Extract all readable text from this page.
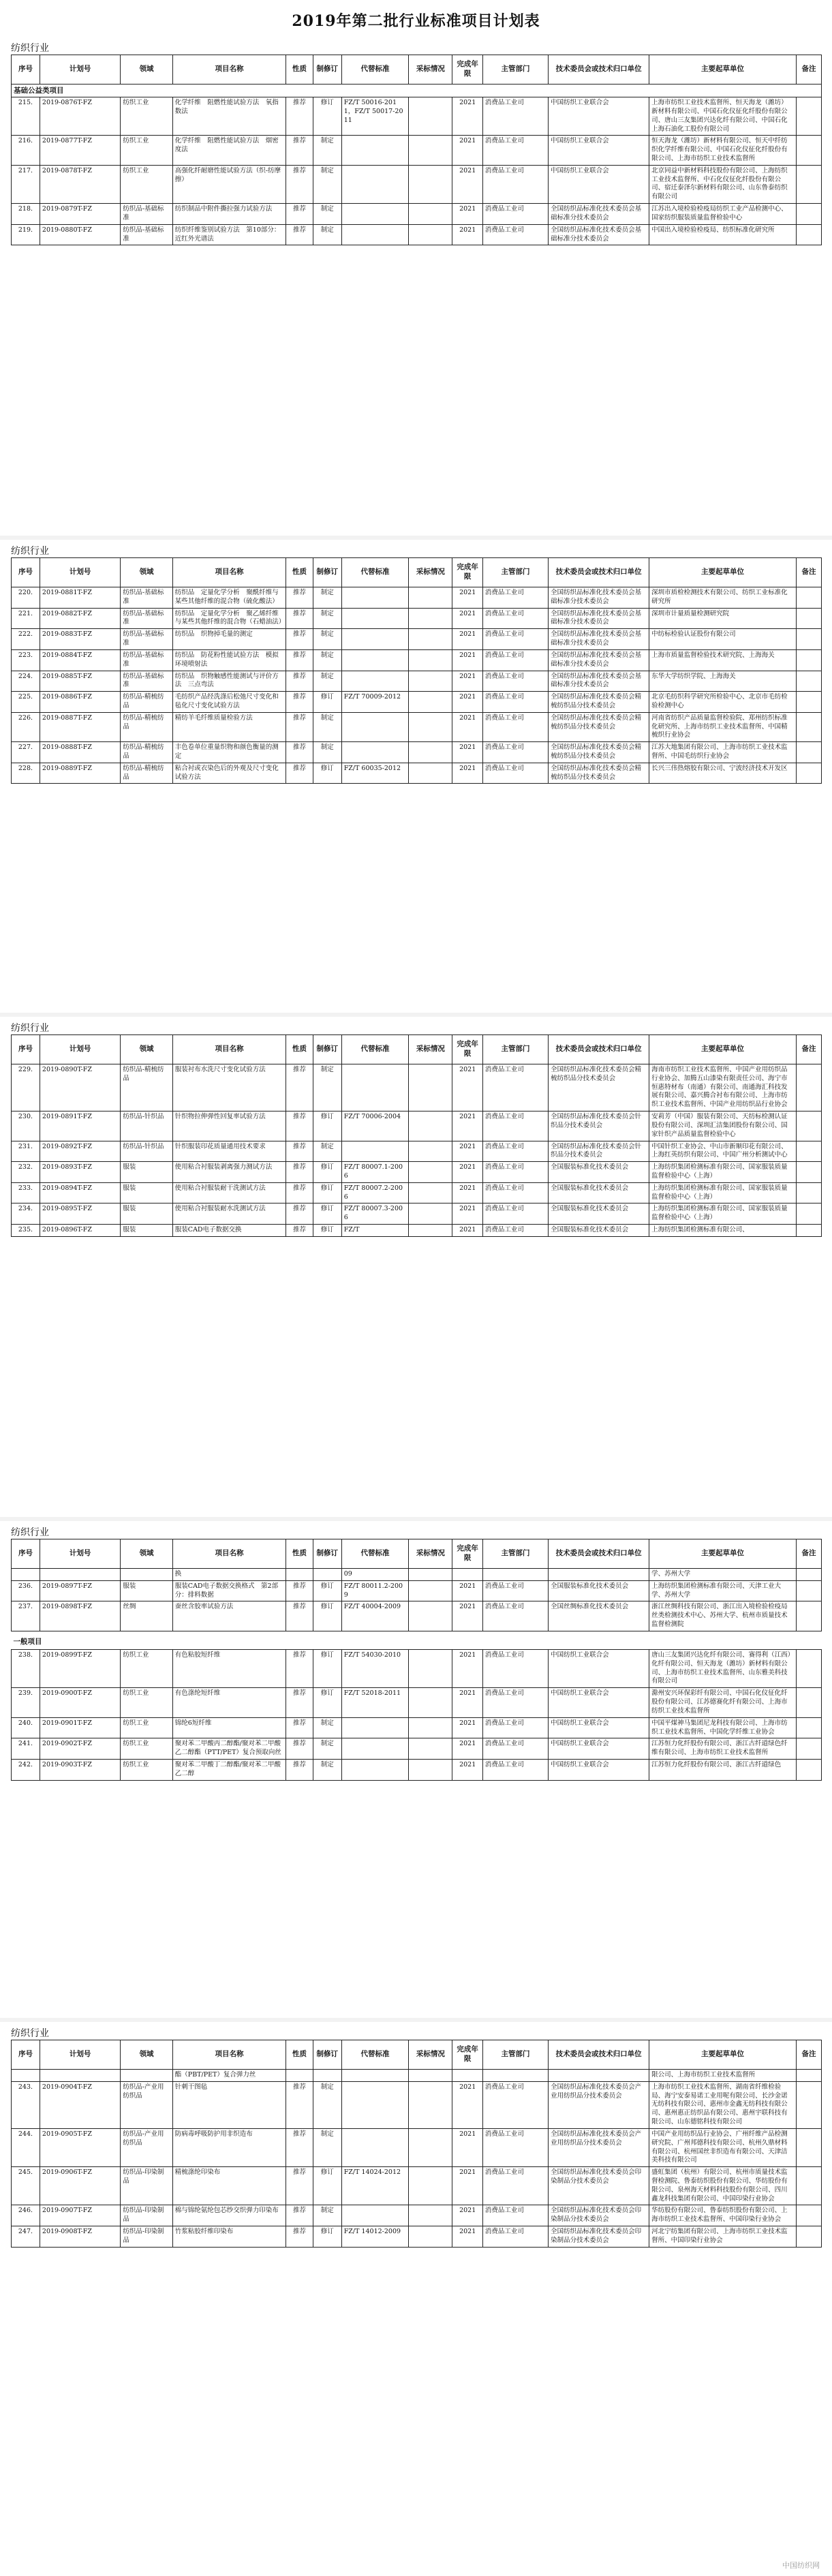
2019年第二批行业标准项目计划表
序号	计划号	领域	项目名称	性质	制修订	代替标准	采标情况	完成年限	主管部门	技术委员会或技术归口单位	主要起草单位	备注
基础公益类项目												
215.	2019-0876T-FZ	纺织工业	化学纤维　阻燃性能试验方法　氧指数法	推荐	修订	FZ/T 50016-2011，FZ/T 50017-2011		2021	消费品工业司	中国纺织工业联合会	上海市纺织工业技术监督所、恒天海龙（潍坊）新材料有限公司、中国石化仪征化纤股份有限公司、唐山三友集团兴达化纤有限公司、中国石化上海石油化工股份有限公司	
216.	2019-0877T-FZ	纺织工业	化学纤维　阻燃性能试验方法　烟密度法	推荐	制定			2021	消费品工业司	中国纺织工业联合会	恒天海龙（潍坊）新材料有限公司、恒天中纤纺织化学纤维有限公司、中国石化仪征化纤股份有限公司、上海市纺织工业技术监督所	
217.	2019-0878T-FZ	纺织工业	高强化纤耐磨性能试验方法（织-纺摩擦）	推荐	制定			2021	消费品工业司	中国纺织工业联合会	北京同益中新材料科技股份有限公司、上海纺织工业技术监督所、中石化仪征化纤股份有限公司、宿迁泰泽尔新材料有限公司、山东鲁泰纺织有限公司	
218.	2019-0879T-FZ	纺织品-基础标准	纺织制品中附件撕拉强力试验方法	推荐	制定			2021	消费品工业司	全国纺织品标准化技术委员会基础标准分技术委员会	江苏出入境检验检疫局纺织工业产品检测中心、国家纺织服装质量监督检验中心	
219.	2019-0880T-FZ	纺织品-基础标准	纺织纤维鉴别试验方法　第10部分：近红外光谱法	推荐	制定			2021	消费品工业司	全国纺织品标准化技术委员会基础标准分技术委员会	中国出入境检验检疫局、纺织标准化研究所	
序号	计划号	领域	项目名称	性质	制修订	代替标准	采标情况	完成年限	主管部门	技术委员会或技术归口单位	主要起草单位	备注
220.	2019-0881T-FZ	纺织品-基础标准	纺织品　定量化学分析　聚酰纤维与某些其他纤维的混合物（硫化酸法）	推荐	制定			2021	消费品工业司	全国纺织品标准化技术委员会基础标准分技术委员会	深圳市质检检测技术有限公司、纺织工业标准化研究所	
221.	2019-0882T-FZ	纺织品-基础标准	纺织品　定量化学分析　聚乙烯纤维与某些其他纤维的混合物（石蜡油法）	推荐	制定			2021	消费品工业司	全国纺织品标准化技术委员会基础标准分技术委员会	深圳市计量质量检测研究院	
222.	2019-0883T-FZ	纺织品-基础标准	纺织品　织物掉毛量的测定	推荐	制定			2021	消费品工业司	全国纺织品标准化技术委员会基础标准分技术委员会	中纺标检验认证股份有限公司	
223.	2019-0884T-FZ	纺织品-基础标准	纺织品　防花粉性能试验方法　模拟环境喷射法	推荐	制定			2021	消费品工业司	全国纺织品标准化技术委员会基础标准分技术委员会	上海市质量监督检验技术研究院、上海海关	
224.	2019-0885T-FZ	纺织品-基础标准	纺织品　织物触感性能测试与评价方法　三点弯法	推荐	制定			2021	消费品工业司	全国纺织品标准化技术委员会基础标准分技术委员会	东华大学纺织学院、上海海关	
225.	2019-0886T-FZ	纺织品-精梳纺品	毛纺织产品经洗涤后松弛尺寸变化和毡化尺寸变化试验方法	推荐	修订	FZ/T 70009-2012		2021	消费品工业司	全国纺织品标准化技术委员会精梳纺织品分技术委员会	北京毛纺织科学研究所检验中心、北京市毛纺检验检测中心	
226.	2019-0887T-FZ	纺织品-精梳纺品	精纺羊毛纤维质量检验方法	推荐	制定			2021	消费品工业司	全国纺织品标准化技术委员会精梳纺织品分技术委员会	河南省纺织产品质量监督检验院、郑州纺织标准化研究所、上海市纺织工业技术监督所、中国精梳织行业协会	
227.	2019-0888T-FZ	纺织品-精梳纺品	丰色卷单位重量织物和颜色衡量的测定	推荐	制定			2021	消费品工业司	全国纺织品标准化技术委员会精梳纺织品分技术委员会	江苏大地集团有限公司、上海市纺织工业技术监督所、中国毛纺织行业协会	
228.	2019-0889T-FZ	纺织品-精梳纺品	粘合衬或衣染色后的外观及尺寸变化试验方法	推荐	修订	FZ/T 60035-2012		2021	消费品工业司	全国纺织品标准化技术委员会精梳纺织品分技术委员会	长兴三伟热熔胶有限公司、宁波经济技术开发区	
序号	计划号	领域	项目名称	性质	制修订	代替标准	采标情况	完成年限	主管部门	技术委员会或技术归口单位	主要起草单位	备注
229.	2019-0890T-FZ	纺织品-精梳纺品	服装衬布水洗尺寸变化试验方法	推荐	制定			2021	消费品工业司	全国纺织品标准化技术委员会精梳纺织品分技术委员会	海南市纺织工业技术监督所、中国产业用纺织品行业协会、加腾五山漆染有限责任公司、海宁市恒惠特材布（南通）有限公司、南通海汇科技发展有限公司、嘉兴腾合衬布有限公司、上海市纺织工业技术监督所、中国产业用纺织品行业协会	
230.	2019-0891T-FZ	纺织品-针织品	针织物拉伸弹性回复率试验方法	推荐	修订	FZ/T 70006-2004		2021	消费品工业司	全国纺织品标准化技术委员会针织品分技术委员会	安莉芳（中国）服装有限公司、天纺标检测认证股份有限公司、深圳汇洁集团股份有限公司、国家针织产品质量监督检验中心	
231.	2019-0892T-FZ	纺织品-针织品	针织服装印花质量通用技术要求	推荐	制定			2021	消费品工业司	全国纺织品标准化技术委员会针织品分技术委员会	中国针织工业协会、中山市新顺印花有限公司、上海红英纺织有限公司、中国广州分析测试中心	
232.	2019-0893T-FZ	服装	使用粘合衬服装剥离强力测试方法	推荐	修订	FZ/T 80007.1-2006		2021	消费品工业司	全国服装标准化技术委员会	上海纺织集团检测标准有限公司、国家服装质量监督检验中心（上海）	
233.	2019-0894T-FZ	服装	使用粘合衬服装耐干洗测试方法	推荐	修订	FZ/T 80007.2-2006		2021	消费品工业司	全国服装标准化技术委员会	上海纺织集团检测标准有限公司、国家服装质量监督检验中心（上海）	
234.	2019-0895T-FZ	服装	使用粘合衬服装耐水洗测试方法	推荐	修订	FZ/T 80007.3-2006		2021	消费品工业司	全国服装标准化技术委员会	上海纺织集团检测标准有限公司、国家服装质量监督检验中心（上海）	
235.	2019-0896T-FZ	服装	服装CAD电子数据交换	推荐	修订	FZ/T		2021	消费品工业司	全国服装标准化技术委员会	上海纺织集团检测标准有限公司、	
序号	计划号	领域	项目名称	性质	制修订	代替标准	采标情况	完成年限	主管部门	技术委员会或技术归口单位	主要起草单位	备注
			换			09					学、苏州大学	
236.	2019-0897T-FZ	服装	服装CAD电子数据交换格式　第2部分：排料数据	推荐	修订	FZ/T 80011.2-2009		2021	消费品工业司	全国服装标准化技术委员会	上海纺织集团检测标准有限公司、天津工业大学、苏州大学	
237.	2019-0898T-FZ	丝绸	蚕丝含胶率试验方法	推荐	修订	FZ/T 40004-2009		2021	消费品工业司	全国丝绸标准化技术委员会	浙江丝绸科技有限公司、浙江出入境检验检疫局丝类检测技术中心、苏州大学、杭州市质量技术监督检测院	
一般项目												
238.	2019-0899T-FZ	纺织工业	有色粘胶短纤维	推荐	修订	FZ/T 54030-2010		2021	消费品工业司	中国纺织工业联合会	唐山三友集团兴达化纤有限公司、赛得利（江西）化纤有限公司、恒天海龙（潍坊）新材料有限公司、上海市纺织工业技术监督所、山东雅美科技有限公司	
239.	2019-0900T-FZ	纺织工业	有色涤纶短纤维	推荐	修订	FZ/T 52018-2011		2021	消费品工业司	中国纺织工业联合会	滁州安兴环保彩纤有限公司、中国石化仪征化纤股份有限公司、江苏德赛化纤有限公司、上海市纺织工业技术监督所	
240.	2019-0901T-FZ	纺织工业	锦纶6短纤维	推荐	制定			2021	消费品工业司	中国纺织工业联合会	中国平煤神马集团尼龙科技有限公司、上海市纺织工业技术监督所、中国化学纤维工业协会	
241.	2019-0902T-FZ	纺织工业	聚对苯二甲酸丙二醇酯/聚对苯二甲酸乙二醇酯（PTT/PET）复合预取向丝	推荐	制定			2021	消费品工业司	中国纺织工业联合会	江苏恒力化纤股份有限公司、浙江古纤道绿色纤维有限公司、上海市纺织工业技术监督所	
242.	2019-0903T-FZ	纺织工业	聚对苯二甲酸丁二醇酯/聚对苯二甲酸乙二醇	推荐	制定			2021	消费品工业司	中国纺织工业联合会	江苏恒力化纤股份有限公司、浙江古纤道绿色	
序号	计划号	领域	项目名称	性质	制修订	代替标准	采标情况	完成年限	主管部门	技术委员会或技术归口单位	主要起草单位	备注
			酯（PBT/PET）复合弹力丝								限公司、上海市纺织工业技术监督所	
243.	2019-0904T-FZ	纺织品-产业用纺织品	针刺干图毡	推荐	制定			2021	消费品工业司	全国纺织品标准化技术委员会产业用纺织品分技术委员会	上海市纺织工业技术监督所、湖南省纤维检验局、海宁安泰易诺工业用呢有限公司、长沙金诺无纺科技有限公司、惠州市金鑫无纺科技有限公司、惠州惠正纺织品有限公司、惠州宇联科技有限公司、山东德铭科技有限公司	
244.	2019-0905T-FZ	纺织品-产业用纺织品	防病毒呼吸防护用非织造布	推荐	制定			2021	消费品工业司	全国纺织品标准化技术委员会产业用纺织品分技术委员会	中国产业用纺织品行业协会、广州纤维产品检测研究院、广州邦德科技有限公司、杭州久鼎材料有限公司、杭州国丝非织造布有限公司、天津洁美科技有限公司	
245.	2019-0906T-FZ	纺织品-印染制品	精梳涤纶印染布	推荐	修订	FZ/T 14024-2012		2021	消费品工业司	全国纺织品标准化技术委员会印染制品分技术委员会	盛虹集团（杭州）有限公司、杭州市质量技术监督检测院、鲁泰纺织股份有限公司、华纺股份有限公司、泉州海天材料科技股份有限公司、四川鑫龙科技集团有限公司、中国印染行业协会	
246.	2019-0907T-FZ	纺织品-印染制品	棉与锦纶氨纶包芯纱交织弹力印染布	推荐	制定			2021	消费品工业司	全国纺织品标准化技术委员会印染制品分技术委员会	华纺股份有限公司、鲁泰纺织股份有限公司、上海市纺织工业技术监督所、中国印染行业协会	
247.	2019-0908T-FZ	纺织品-印染制品	竹浆粘胶纤维印染布	推荐	修订	FZ/T 14012-2009		2021	消费品工业司	全国纺织品标准化技术委员会印染制品分技术委员会	河北宁纺集团有限公司、上海市纺织工业技术监督所、中国印染行业协会	
中国纺织网
纺织行业
纺织行业
纺织行业
纺织行业
纺织行业
